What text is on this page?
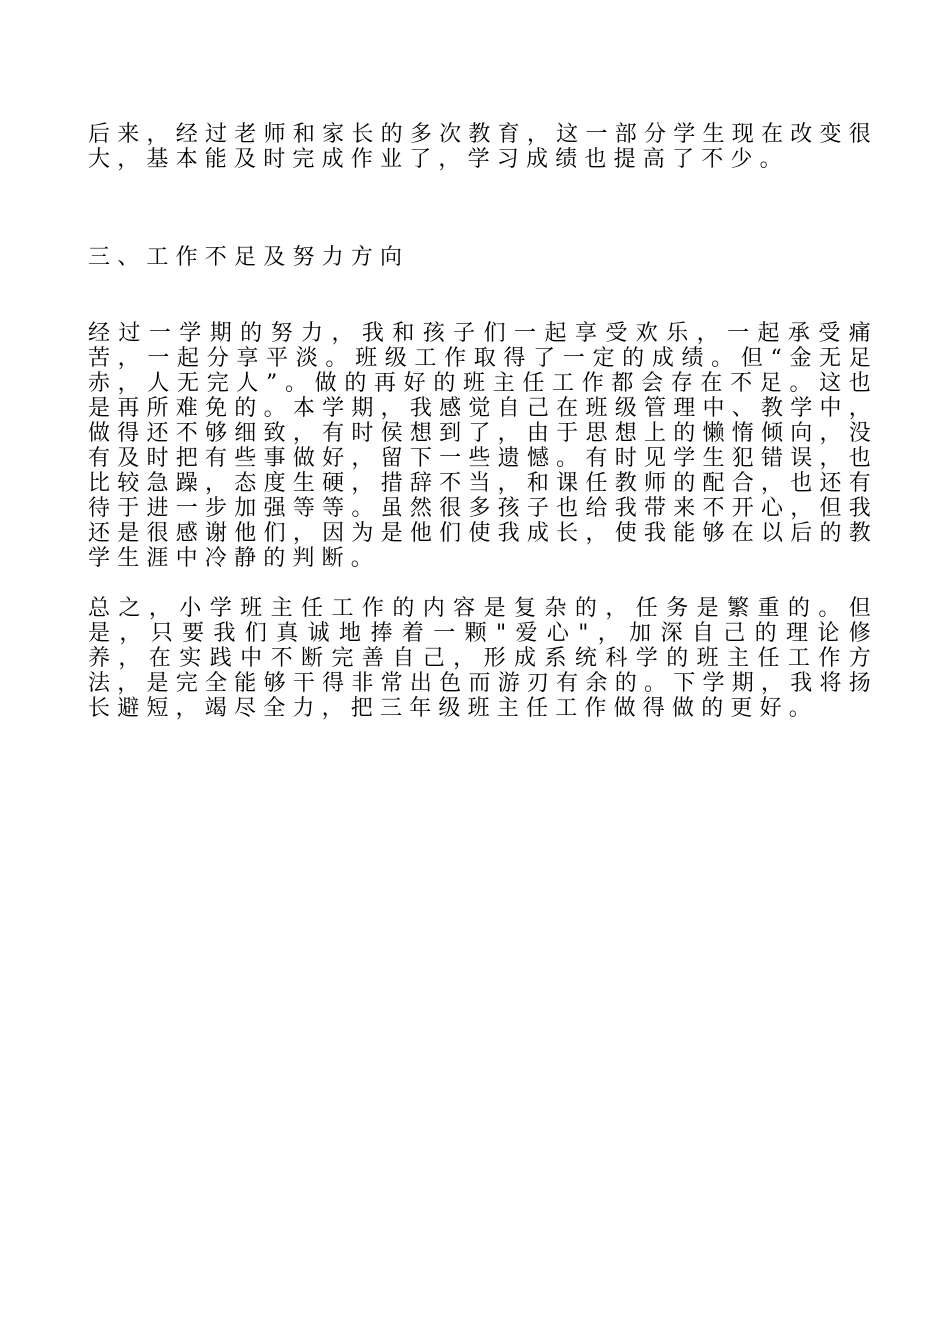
后来，经过老师和家长的多次教育，这一部分学生现在改变很大，基本能及时完成作业了，学习成绩也提高了不少。

三、工作不足及努力方向

经过一学期的努力，我和孩子们一起享受欢乐，一起承受痛苦，一起分享平淡。班级工作取得了一定的成绩。但“金无足赤，人无完人”。做的再好的班主任工作都会存在不足。这也是再所难免的。本学期，我感觉自己在班级管理中、教学中，做得还不够细致，有时侯想到了，由于思想上的懒惰倾向，没有及时把有些事做好，留下一些遗憾。有时见学生犯错误，也比较急躁，态度生硬，措辞不当，和课任教师的配合，也还有待于进一步加强等等。虽然很多孩子也给我带来不开心，但我还是很感谢他们，因为是他们使我成长，使我能够在以后的教学生涯中冷静的判断。

总之，小学班主任工作的内容是复杂的，任务是繁重的。但是，只要我们真诚地捧着一颗"爱心"，加深自己的理论修养，在实践中不断完善自己，形成系统科学的班主任工作方法，是完全能够干得非常出色而游刃有余的。下学期，我将扬长避短，竭尽全力，把三年级班主任工作做得做的更好。
